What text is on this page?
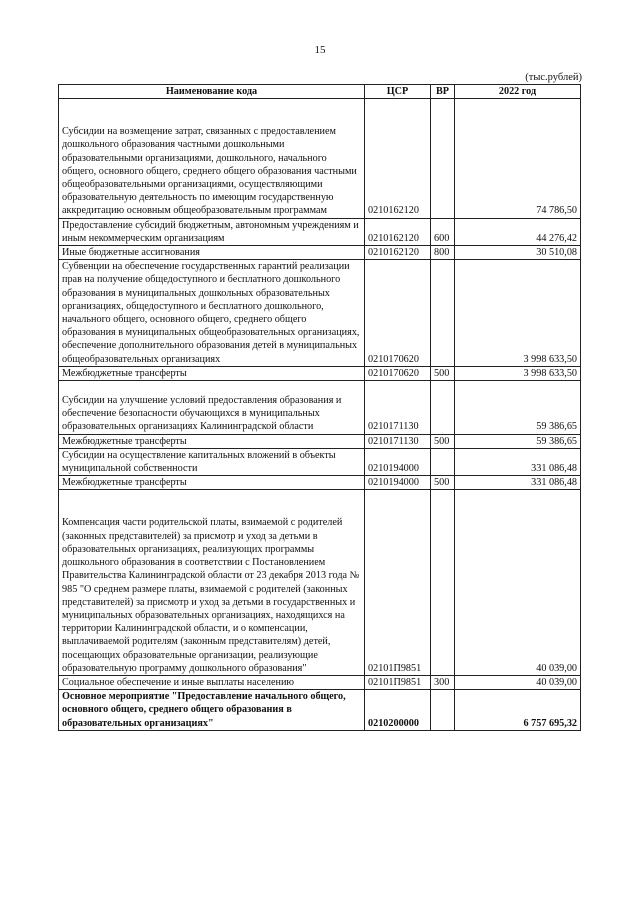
15
(тыс.рублей)
Наименование кода	ЦСР	ВР	2022 год

Субсидии на возмещение затрат, связанных с предоставлением дошкольного образования частными дошкольными образовательными организациями, дошкольного, начального общего, основного общего, среднего общего образования частными общеобразовательными организациями, осуществляющими образовательную деятельность по имеющим государственную аккредитацию основным общеобразовательным программам	0210162120		74 786,50
Предоставление субсидий бюджетным, автономным учреждениям и иным некоммерческим организациям	0210162120	600	44 276,42
Иные бюджетные ассигнования	0210162120	800	30 510,08
Субвенции на обеспечение государственных гарантий реализации прав на получение общедоступного и бесплатного дошкольного образования в муниципальных дошкольных образовательных организациях, общедоступного и бесплатного дошкольного, начального общего, основного общего, среднего общего образования в муниципальных общеобразовательных организациях, обеспечение дополнительного образования детей в муниципальных общеобразовательных организациях	0210170620		3 998 633,50
Межбюджетные трансферты	0210170620	500	3 998 633,50

Субсидии на улучшение условий предоставления образования и обеспечение безопасности обучающихся в муниципальных образовательных организациях Калининградской области	0210171130		59 386,65
Межбюджетные трансферты	0210171130	500	59 386,65
Субсидии на осуществление капитальных вложений в объекты муниципальной собственности	0210194000		331 086,48
Межбюджетные трансферты	0210194000	500	331 086,48

Компенсация части родительской платы, взимаемой с родителей (законных представителей) за присмотр и уход за детьми в образовательных организациях, реализующих программы дошкольного образования в соответствии с Постановлением Правительства Калининградской области от 23 декабря 2013 года № 985 "О среднем размере платы, взимаемой с родителей (законных представителей) за присмотр и уход за детьми в государственных и муниципальных образовательных организациях, находящихся на территории Калининградской области, и о компенсации, выплачиваемой родителям (законным представителям) детей, посещающих образовательные организации, реализующие образовательную программу дошкольного образования"	02101П9851		40 039,00
Социальное обеспечение и иные выплаты населению	02101П9851	300	40 039,00
Основное мероприятие "Предоставление начального общего, основного общего, среднего общего образования в образовательных организациях"	0210200000		6 757 695,32
